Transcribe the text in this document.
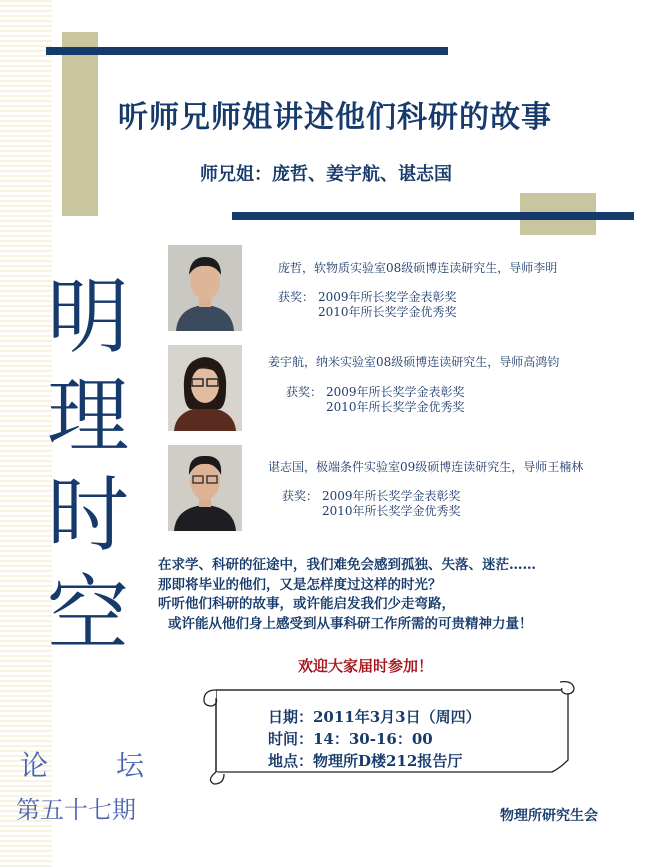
听师兄师姐讲述他们科研的故事
师兄姐：庞哲、姜宇航、谌志国
明
理
时
空
论 坛
第五十七期
庞哲，软物质实验室08级硕博连读研究生，导师李明
获奖： 2009年所长奖学金表彰奖
2010年所长奖学金优秀奖
姜宇航，纳米实验室08级硕博连读研究生，导师高鸿钧
获奖： 2009年所长奖学金表彰奖
2010年所长奖学金优秀奖
谌志国，极端条件实验室09级硕博连读研究生，导师王楠林
获奖： 2009年所长奖学金表彰奖
2010年所长奖学金优秀奖
在求学、科研的征途中，我们难免会感到孤独、失落、迷茫……
那即将毕业的他们，又是怎样度过这样的时光？
听听他们科研的故事，或许能启发我们少走弯路，
或许能从他们身上感受到从事科研工作所需的可贵精神力量！
欢迎大家届时参加！
日期：2011年3月3日（周四）
时间：14：30-16：00
地点：物理所D楼212报告厅
物理所研究生会
